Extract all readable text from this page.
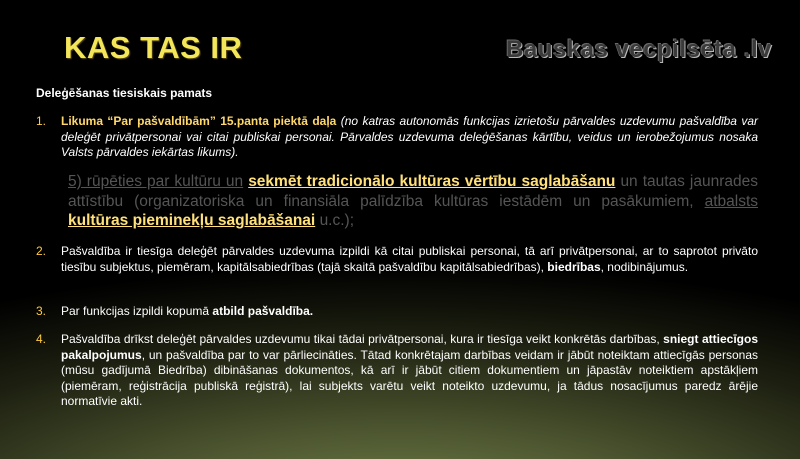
KAS TAS IR	Bauskas vecpilsēta .lv
Deleģēšanas tiesiskais pamats
1. Likuma “Par pašvaldībām” 15.panta piektā daļa (no katras autonomās funkcijas izrietošu pārvaldes uzdevumu pašvaldība var deleģēt privātpersonai vai citai publiskai personai. Pārvaldes uzdevuma deleģēšanas kārtību, veidus un ierobežojumus nosaka Valsts pārvaldes iekārtas likums).
5) rūpēties par kultūru un sekmēt tradicionālo kultūras vērtību saglabāšanu un tautas jaunrades attīstību (organizatoriska un finansiāla palīdzība kultūras iestādēm un pasākumiem, atbalsts kultūras pieminekļu saglabāšanai u.c.);
2. Pašvaldība ir tiesīga deleģēt pārvaldes uzdevuma izpildi kā citai publiskai personai, tā arī privātpersonai, ar to saprotot privāto tiesību subjektus, piemēram, kapitālsabiedrības (tajā skaitā pašvaldību kapitālsabiedrības), biedrības, nodibinājumus.
3. Par funkcijas izpildi kopumā atbild pašvaldība.
4. Pašvaldība drīkst deleģēt pārvaldes uzdevumu tikai tādai privātpersonai, kura ir tiesīga veikt konkrētās darbības, sniegt attiecīgos pakalpojumus, un pašvaldība par to var pārliecināties. Tātad konkrētajam darbības veidam ir jābūt noteiktam attiecīgās personas (mūsu gadījumā Biedrība) dibināšanas dokumentos, kā arī ir jābūt citiem dokumentiem un jāpastāv noteiktiem apstākļiem (piemēram, reģistrācija publiskā reģistrā), lai subjekts varētu veikt noteikto uzdevumu, ja tādus nosacījumus paredz ārējie normatīvie akti.
